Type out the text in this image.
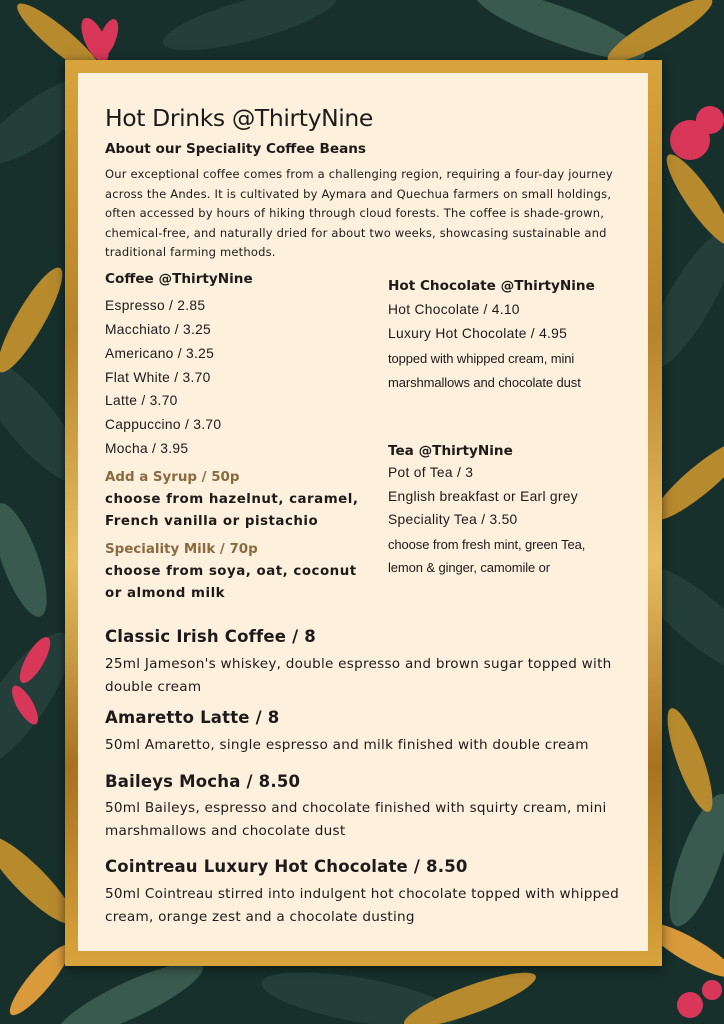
Hot Drinks @ThirtyNine
About our Speciality Coffee Beans
Our exceptional coffee comes from a challenging region, requiring a four-day journey across the Andes. It is cultivated by Aymara and Quechua farmers on small holdings, often accessed by hours of hiking through cloud forests. The coffee is shade-grown, chemical-free, and naturally dried for about two weeks, showcasing sustainable and traditional farming methods.
Coffee @ThirtyNine
Espresso / 2.85
Macchiato / 3.25
Americano / 3.25
Flat White / 3.70
Latte / 3.70
Cappuccino / 3.70
Mocha / 3.95
Add a Syrup / 50p
choose from hazelnut, caramel, French vanilla or pistachio
Speciality Milk / 70p
choose from soya, oat, coconut or almond milk
Hot Chocolate @ThirtyNine
Hot Chocolate / 4.10
Luxury Hot Chocolate / 4.95
topped with whipped cream, mini marshmallows and chocolate dust
Tea @ThirtyNine
Pot of Tea / 3
English breakfast or Earl grey
Speciality Tea / 3.50
choose from fresh mint, green Tea, lemon & ginger, camomile or
Classic Irish Coffee / 8
25ml Jameson's whiskey, double espresso and brown sugar topped with double cream
Amaretto Latte / 8
50ml Amaretto, single espresso and milk finished with double cream
Baileys Mocha / 8.50
50ml Baileys, espresso and chocolate finished with squirty cream, mini marshmallows and chocolate dust
Cointreau Luxury Hot Chocolate / 8.50
50ml Cointreau stirred into indulgent hot chocolate topped with whipped cream, orange zest and a chocolate dusting
